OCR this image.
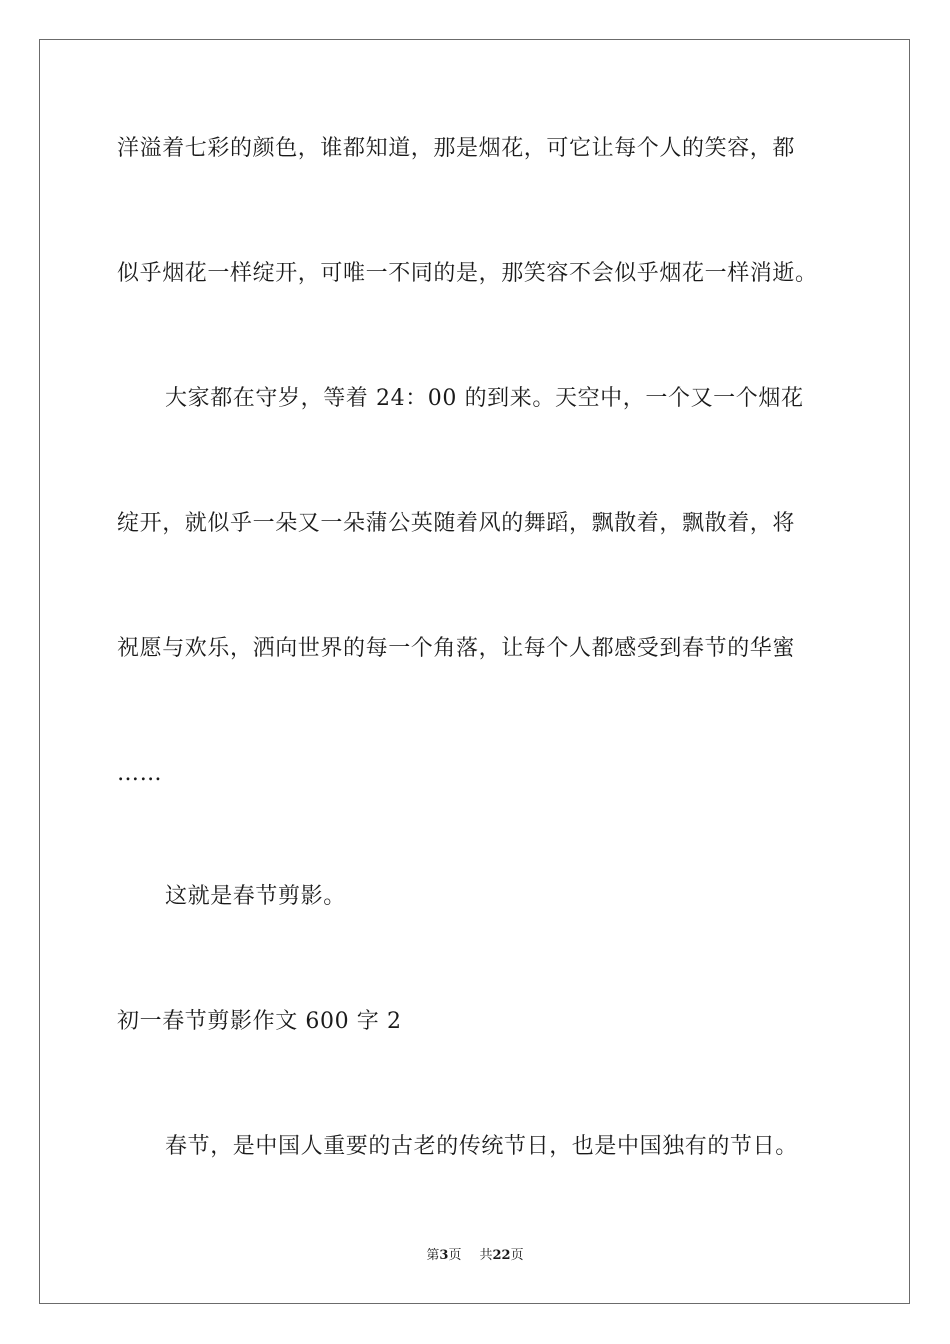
洋溢着七彩的颜色，谁都知道，那是烟花，可它让每个人的笑容，都
似乎烟花一样绽开，可唯一不同的是，那笑容不会似乎烟花一样消逝。
大家都在守岁，等着 24：00 的到来。天空中，一个又一个烟花
绽开，就似乎一朵又一朵蒲公英随着风的舞蹈，飘散着，飘散着，将
祝愿与欢乐，洒向世界的每一个角落，让每个人都感受到春节的华蜜
……
这就是春节剪影。
初一春节剪影作文 600 字 2
春节，是中国人重要的古老的传统节日，也是中国独有的节日。
第3页 共22页
